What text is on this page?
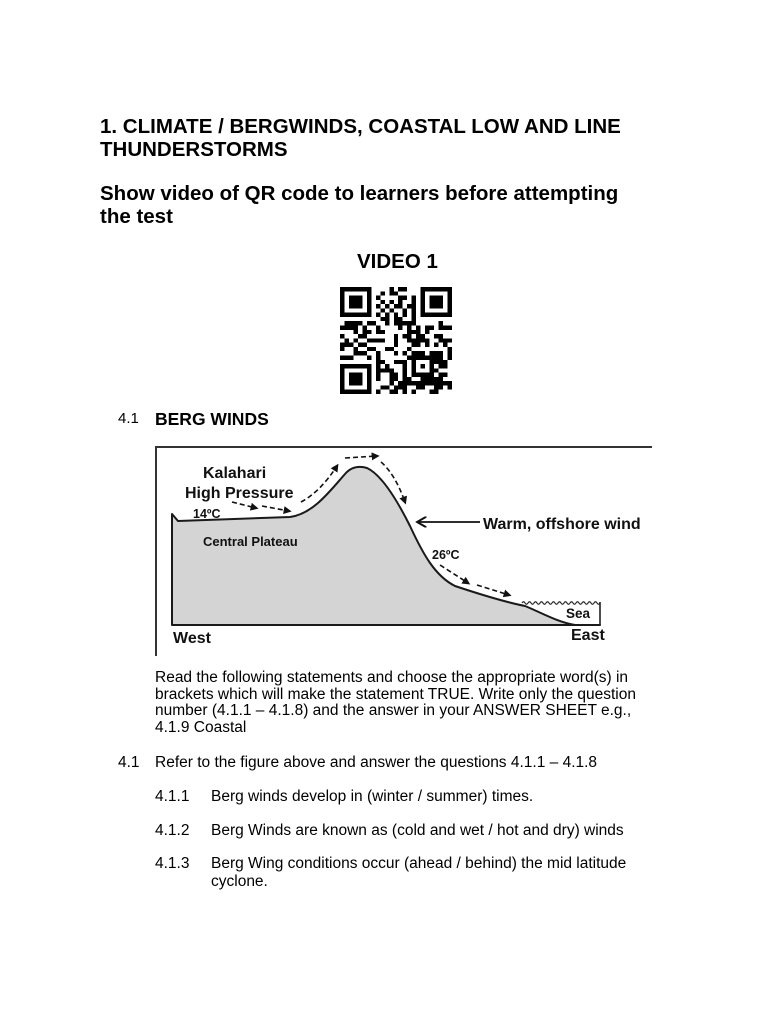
1. CLIMATE / BERGWINDS, COASTAL LOW AND LINE
THUNDERSTORMS
Show video of QR code to learners before attempting
the test
VIDEO 1
4.1 BERG WINDS
Kalahari
High Pressure
14ºC
Central Plateau
Warm, offshore wind
26ºC
Sea
West	East
Read the following statements and choose the appropriate word(s) in
brackets which will make the statement TRUE. Write only the question
number (4.1.1 – 4.1.8) and the answer in your ANSWER SHEET e.g.,
4.1.9 Coastal
4.1 Refer to the figure above and answer the questions 4.1.1 – 4.1.8
4.1.1 Berg winds develop in (winter / summer) times.
4.1.2 Berg Winds are known as (cold and wet / hot and dry) winds
4.1.3 Berg Wing conditions occur (ahead / behind) the mid latitude
cyclone.
